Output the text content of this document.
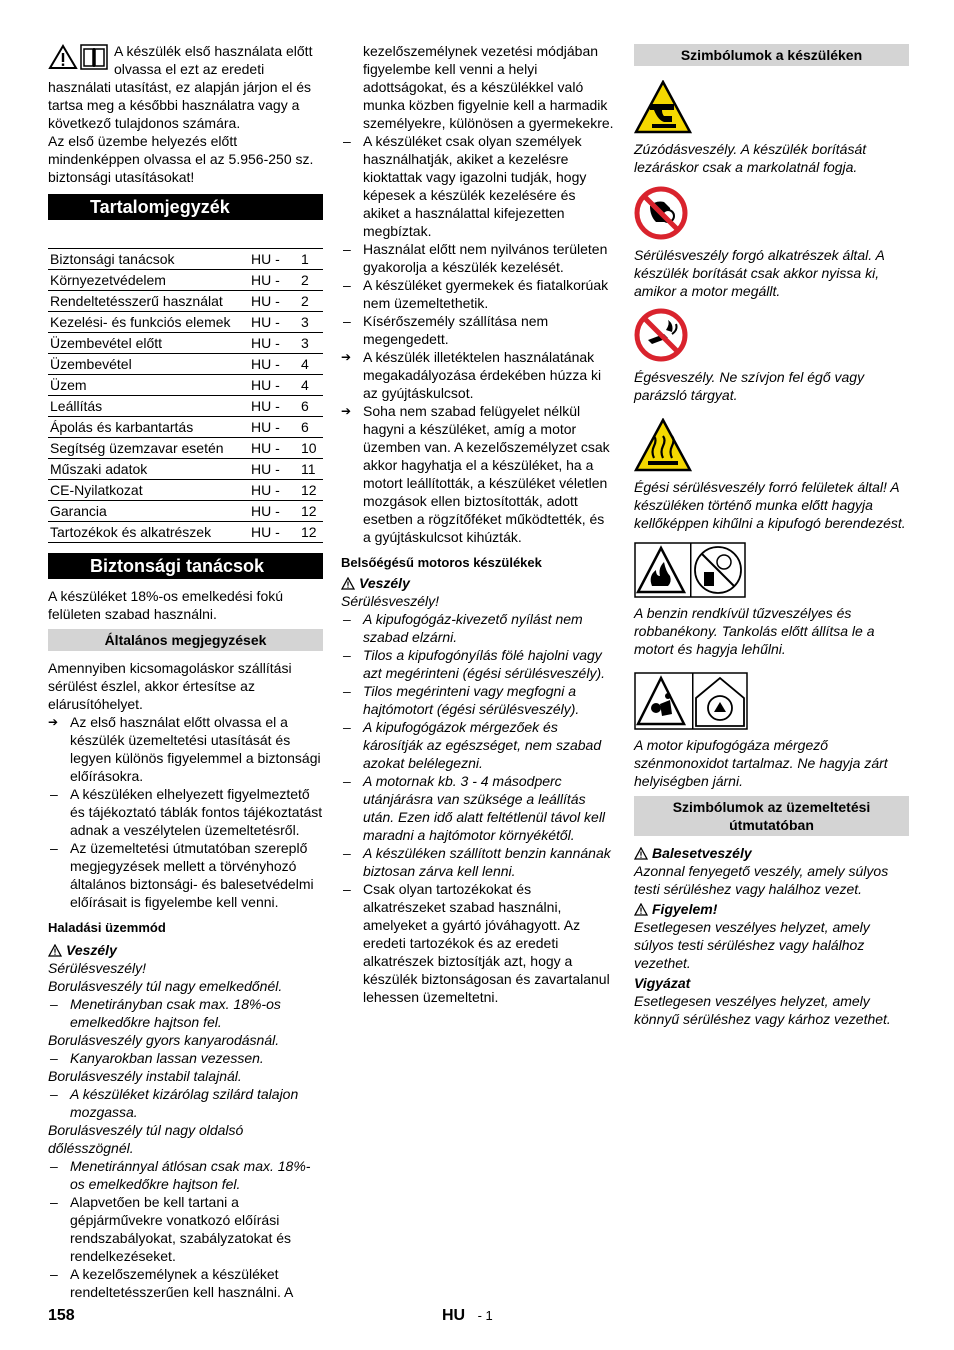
A készülék első használata előtt olvassa el ezt az eredeti használati utasítást, ez alapján járjon el és tartsa meg a későbbi használatra vagy a következő tulajdonos számára.

Az első üzembe helyezés előtt mindenképpen olvassa el az 5.956-250 sz. biztonsági utasításokat!

Tartalomjegyzék
Biztonsági tanácsok	HU -	1
Környezetvédelem	HU -	2
Rendeltetésszerű használat	HU -	2
Kezelési- és funkciós elemek	HU -	3
Üzembevétel előtt	HU -	3
Üzembevétel	HU -	4
Üzem	HU -	4
Leállítás	HU -	6
Ápolás és karbantartás	HU -	6
Segítség üzemzavar esetén	HU -	10
Műszaki adatok	HU -	11
CE-Nyilatkozat	HU -	12
Garancia	HU -	12
Tartozékok és alkatrészek	HU -	12
Biztonsági tanácsok

A készüléket 18%-os emelkedési fokú felületen szabad használni.

Általános megjegyzések

Amennyiben kicsomagoláskor szállítási sérülést észlel, akkor értesítse az elárusítóhelyet.

➔ Az első használat előtt olvassa el a készülék üzemeltetési utasítását és legyen különös figyelemmel a biztonsági előírásokra.
– A készüléken elhelyezett figyelmeztető és tájékoztató táblák fontos tájékoztatást adnak a veszélytelen üzemeltetésről.
– Az üzemeltetési útmutatóban szereplő megjegyzések mellett a törvényhozó általános biztonsági- és balesetvédelmi előírásait is figyelembe kell venni.

Haladási üzemmód

Veszély

Sérülésveszély!

Borulásveszély túl nagy emelkedőnél.

– Menetirányban csak max. 18%-os emelkedőkre hajtson fel.

Borulásveszély gyors kanyarodásnál.

– Kanyarokban lassan vezessen.

Borulásveszély instabil talajnál.

– A készüléket kizárólag szilárd talajon mozgassa.

Borulásveszély túl nagy oldalsó dőlésszögnél.

– Menetiránnyal átlósan csak max. 18%-os emelkedőkre hajtson fel.
– Alapvetően be kell tartani a gépjárművekre vonatkozó előírási rendszabályokat, szabályzatokat és rendelkezéseket.
– A kezelőszemélynek a készüléket rendeltetésszerűen kell használni. A

kezelőszemélynek vezetési módjában figyelembe kell venni a helyi adottságokat, és a készülékkel való munka közben figyelnie kell a harmadik személyekre, különösen a gyermekekre.

– A készüléket csak olyan személyek használhatják, akiket a kezelésre kioktattak vagy igazolni tudják, hogy képesek a készülék kezelésére és akiket a használattal kifejezetten megbíztak.
– Használat előtt nem nyilvános területen gyakorolja a készülék kezelését.
– A készüléket gyermekek és fiatalkorúak nem üzemeltethetik.
– Kísérőszemély szállítása nem megengedett.
➔ A készülék illetéktelen használatának megakadályozása érdekében húzza ki az gyújtáskulcsot.
➔ Soha nem szabad felügyelet nélkül hagyni a készüléket, amíg a motor üzemben van. A kezelőszemélyzet csak akkor hagyhatja el a készüléket, ha a motort leállították, a készüléket véletlen mozgások ellen biztosították, adott esetben a rögzítőféket működtették, és a gyújtáskulcsot kihúzták.

Belsőégésű motoros készülékek

Veszély

Sérülésveszély!

– A kipufogógáz-kivezető nyílást nem szabad elzárni.
– Tilos a kipufogónyílás fölé hajolni vagy azt megérinteni (égési sérülésveszély).
– Tilos megérinteni vagy megfogni a hajtómotort (égési sérülésveszély).
– A kipufogógázok mérgezőek és károsítják az egészséget, nem szabad azokat belélegezni.
– A motornak kb. 3 - 4 másodperc utánjárásra van szüksége a leállítás után. Ezen idő alatt feltétlenül távol kell maradni a hajtómotor környékétől.
– A készüléken szállított benzin kannának biztosan zárva kell lenni.
– Csak olyan tartozékokat és alkatrészeket szabad használni, amelyeket a gyártó jóváhagyott. Az eredeti tartozékok és az eredeti alkatrészek biztosítják azt, hogy a készülék biztonságosan és zavartalanul lehessen üzemeltetni.
Szimbólumok a készüléken

Zúzódásveszély. A készülék borítását lezáráskor csak a markolatnál fogja.

Sérülésveszély forgó alkatrészek által. A készülék borítását csak akkor nyissa ki, amikor a motor megállt.

Égésveszély. Ne szívjon fel égő vagy parázsló tárgyat.

Égési sérülésveszély forró felületek által! A készüléken történő munka előtt hagyja kellőképpen kihűlni a kipufogó berendezést.

A benzin rendkívül tűzveszélyes és robbanékony. Tankolás előtt állítsa le a motort és hagyja lehűlni.

A motor kipufogógáza mérgező szénmonoxidot tartalmaz. Ne hagyja zárt helyiségben járni.

Szimbólumok az üzemeltetési útmutatóban

Balesetveszély

Azonnal fenyegető veszély, amely súlyos testi sérüléshez vagy halálhoz vezet.

Figyelem!

Esetlegesen veszélyes helyzet, amely súlyos testi sérüléshez vagy halálhoz vezethet.

Vigyázat

Esetlegesen veszélyes helyzet, amely könnyű sérüléshez vagy kárhoz vezethet.

158	HU - 1
